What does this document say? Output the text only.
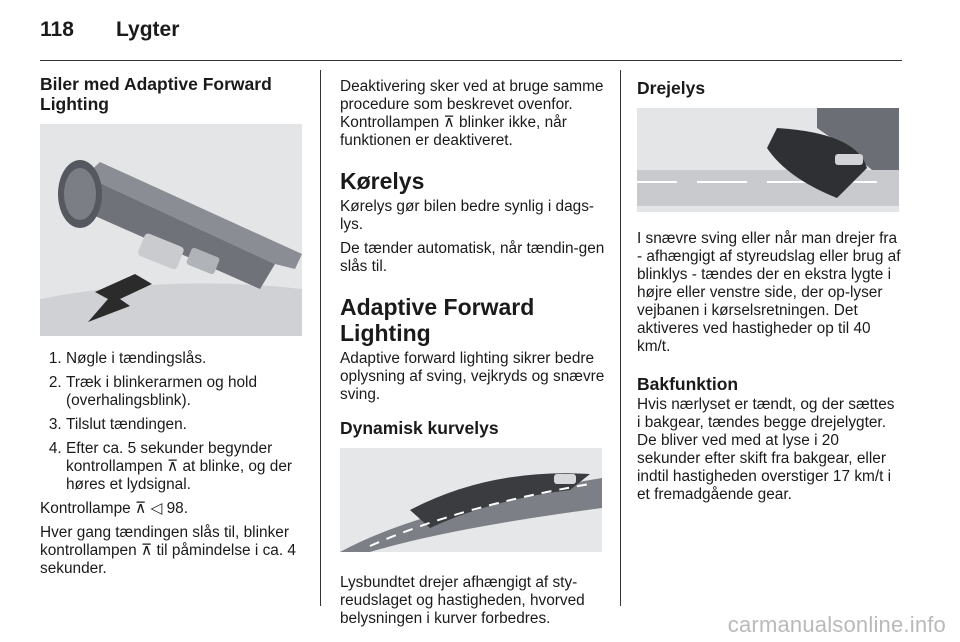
118	Lygter
Biler med Adaptive Forward Lighting
1. Nøgle i tændingslås.
2. Træk i blinkerarmen og hold (overhalingsblink).
3. Tilslut tændingen.
4. Efter ca. 5 sekunder begynder kontrollampen ⊼ at blinke, og der høres et lydsignal.

Kontrollampe ⊼ ◁ 98.

Hver gang tændingen slås til, blinker kontrollampen ⊼ til påmindelse i ca. 4 sekunder.

Deaktivering sker ved at bruge samme procedure som beskrevet ovenfor. Kontrollampen ⊼ blinker ikke, når funktionen er deaktiveret.

Kørelys

Kørelys gør bilen bedre synlig i dags-lys.

De tænder automatisk, når tændin-gen slås til.

Adaptive Forward Lighting

Adaptive forward lighting sikrer bedre oplysning af sving, vejkryds og snævre sving.

Dynamisk kurvelys

Lysbundtet drejer afhængigt af sty-reudslaget og hastigheden, hvorved belysningen i kurver forbedres.

Drejelys

I snævre sving eller når man drejer fra - afhængigt af styreudslag eller brug af blinklys - tændes der en ekstra lygte i højre eller venstre side, der op-lyser vejbanen i kørselsretningen. Det aktiveres ved hastigheder op til 40 km/t.

Bakfunktion

Hvis nærlyset er tændt, og der sættes i bakgear, tændes begge drejelygter. De bliver ved med at lyse i 20 sekunder efter skift fra bakgear, eller indtil hastigheden overstiger 17 km/t i et fremadgående gear.

carmanualsonline.info
